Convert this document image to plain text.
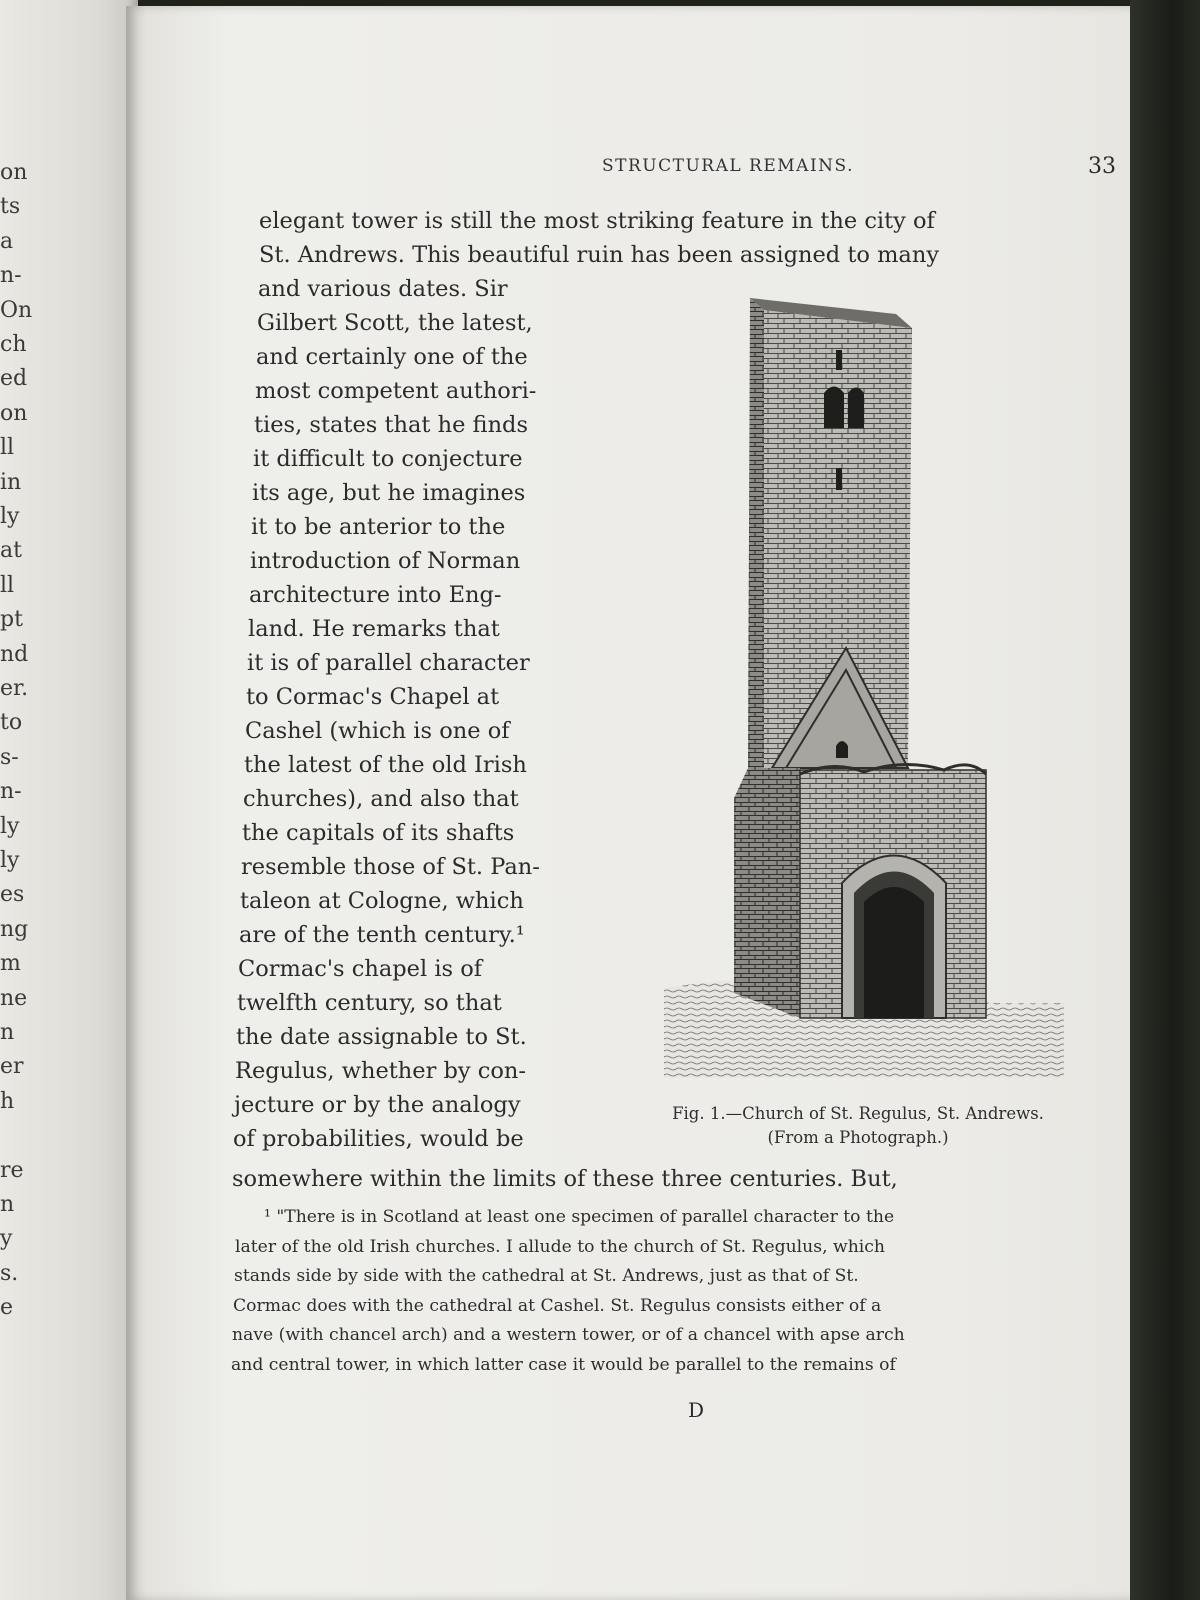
on
ts
a
n-
On
ch
ed
on
ll
in
ly
at
ll
pt
nd
er.
to
s-
n-
ly
ly
es
ng
m
ne
n
er
h
re
n
y
s.
e
STRUCTURAL REMAINS.	33
elegant tower is still the most striking feature in the city of
St. Andrews. This beautiful ruin has been assigned to many
and various dates. Sir
Gilbert Scott, the latest,
and certainly one of the
most competent authori-
ties, states that he finds
it difficult to conjecture
its age, but he imagines
it to be anterior to the
introduction of Norman
architecture into Eng-
land. He remarks that
it is of parallel character
to Cormac's Chapel at
Cashel (which is one of
the latest of the old Irish
churches), and also that
the capitals of its shafts
resemble those of St. Pan-
taleon at Cologne, which
are of the tenth century.¹
Cormac's chapel is of
twelfth century, so that
the date assignable to St.
Regulus, whether by con-
jecture or by the analogy
of probabilities, would be
somewhere within the limits of these three centuries. But,
Fig. 1.—Church of St. Regulus, St. Andrews.
(From a Photograph.)
¹ "There is in Scotland at least one specimen of parallel character to the
later of the old Irish churches. I allude to the church of St. Regulus, which
stands side by side with the cathedral at St. Andrews, just as that of St.
Cormac does with the cathedral at Cashel. St. Regulus consists either of a
nave (with chancel arch) and a western tower, or of a chancel with apse arch
and central tower, in which latter case it would be parallel to the remains of
D
